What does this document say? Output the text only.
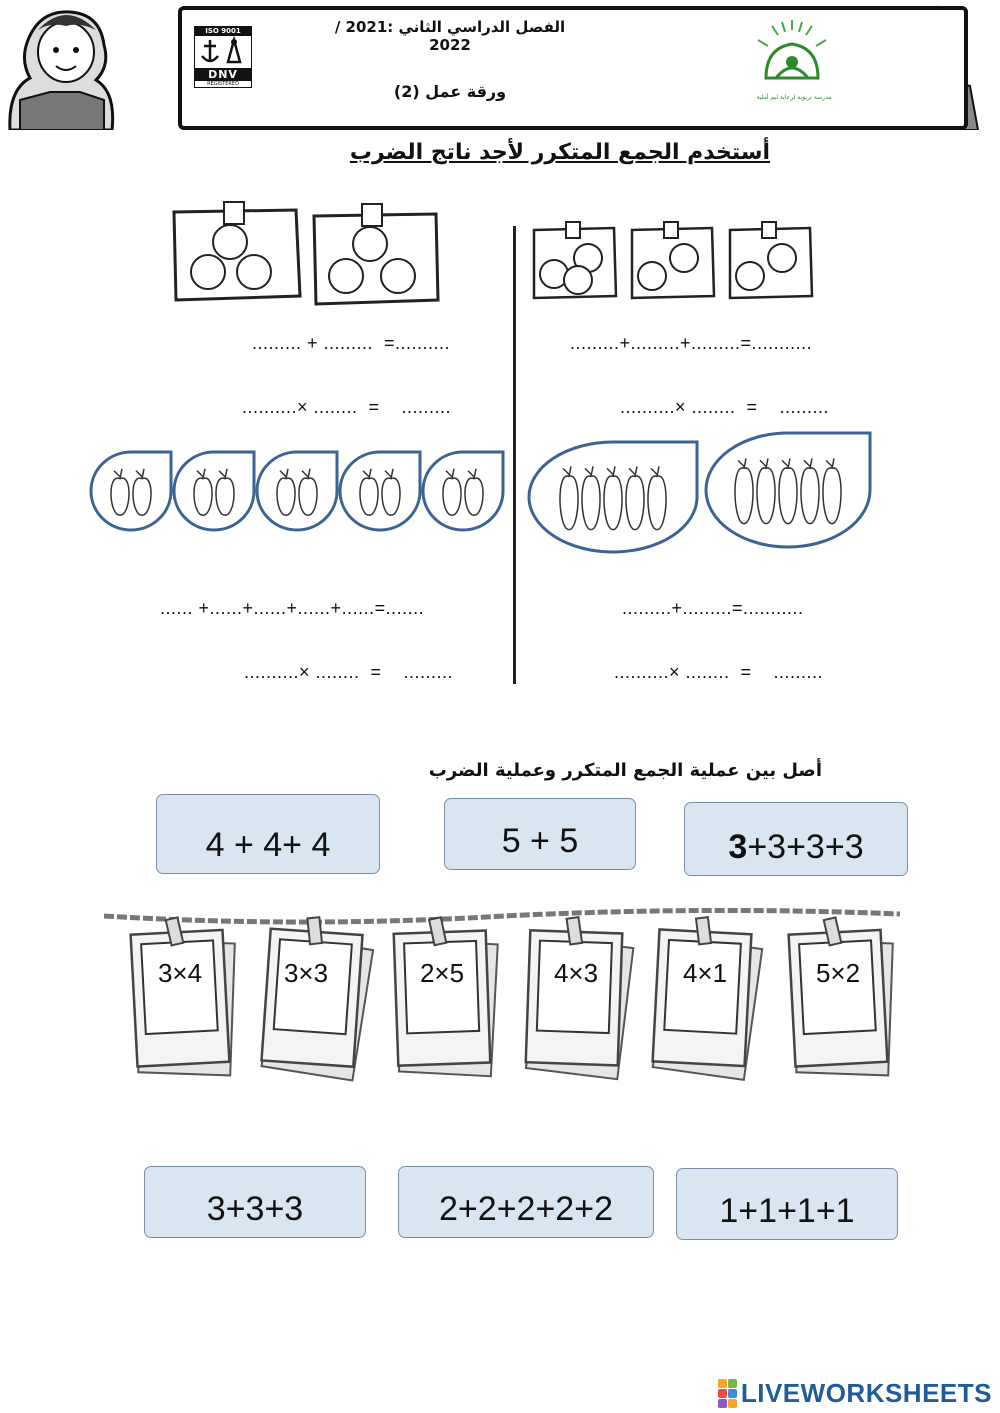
ISO 9001
DNV
REGISTERED
الفصل الدراسي الثاني :2021 / 2022
ورقة عمل (2)	مدرسة تربوية لرعاية ليم أملية
أستخدم الجمع المتكرر لأجد ناتج الضرب
......... + .........  =..........
..........× ........  =    .........
.........+.........+.........=...........
..........× ........  =    .........
...... +......+......+......+......=.......
..........× ........  =    .........
.........+.........=...........
..........× ........  =    .........
أصل بين عملية الجمع المتكرر وعملية الضرب
4 + 4+ 4	5 + 5	3 +3+3+3
3×4	3×3	2×5	4×3	4×1	5×2
3+3+3	2+2+2+2+2	1+1+1+1
LIVEWORKSHEETS
